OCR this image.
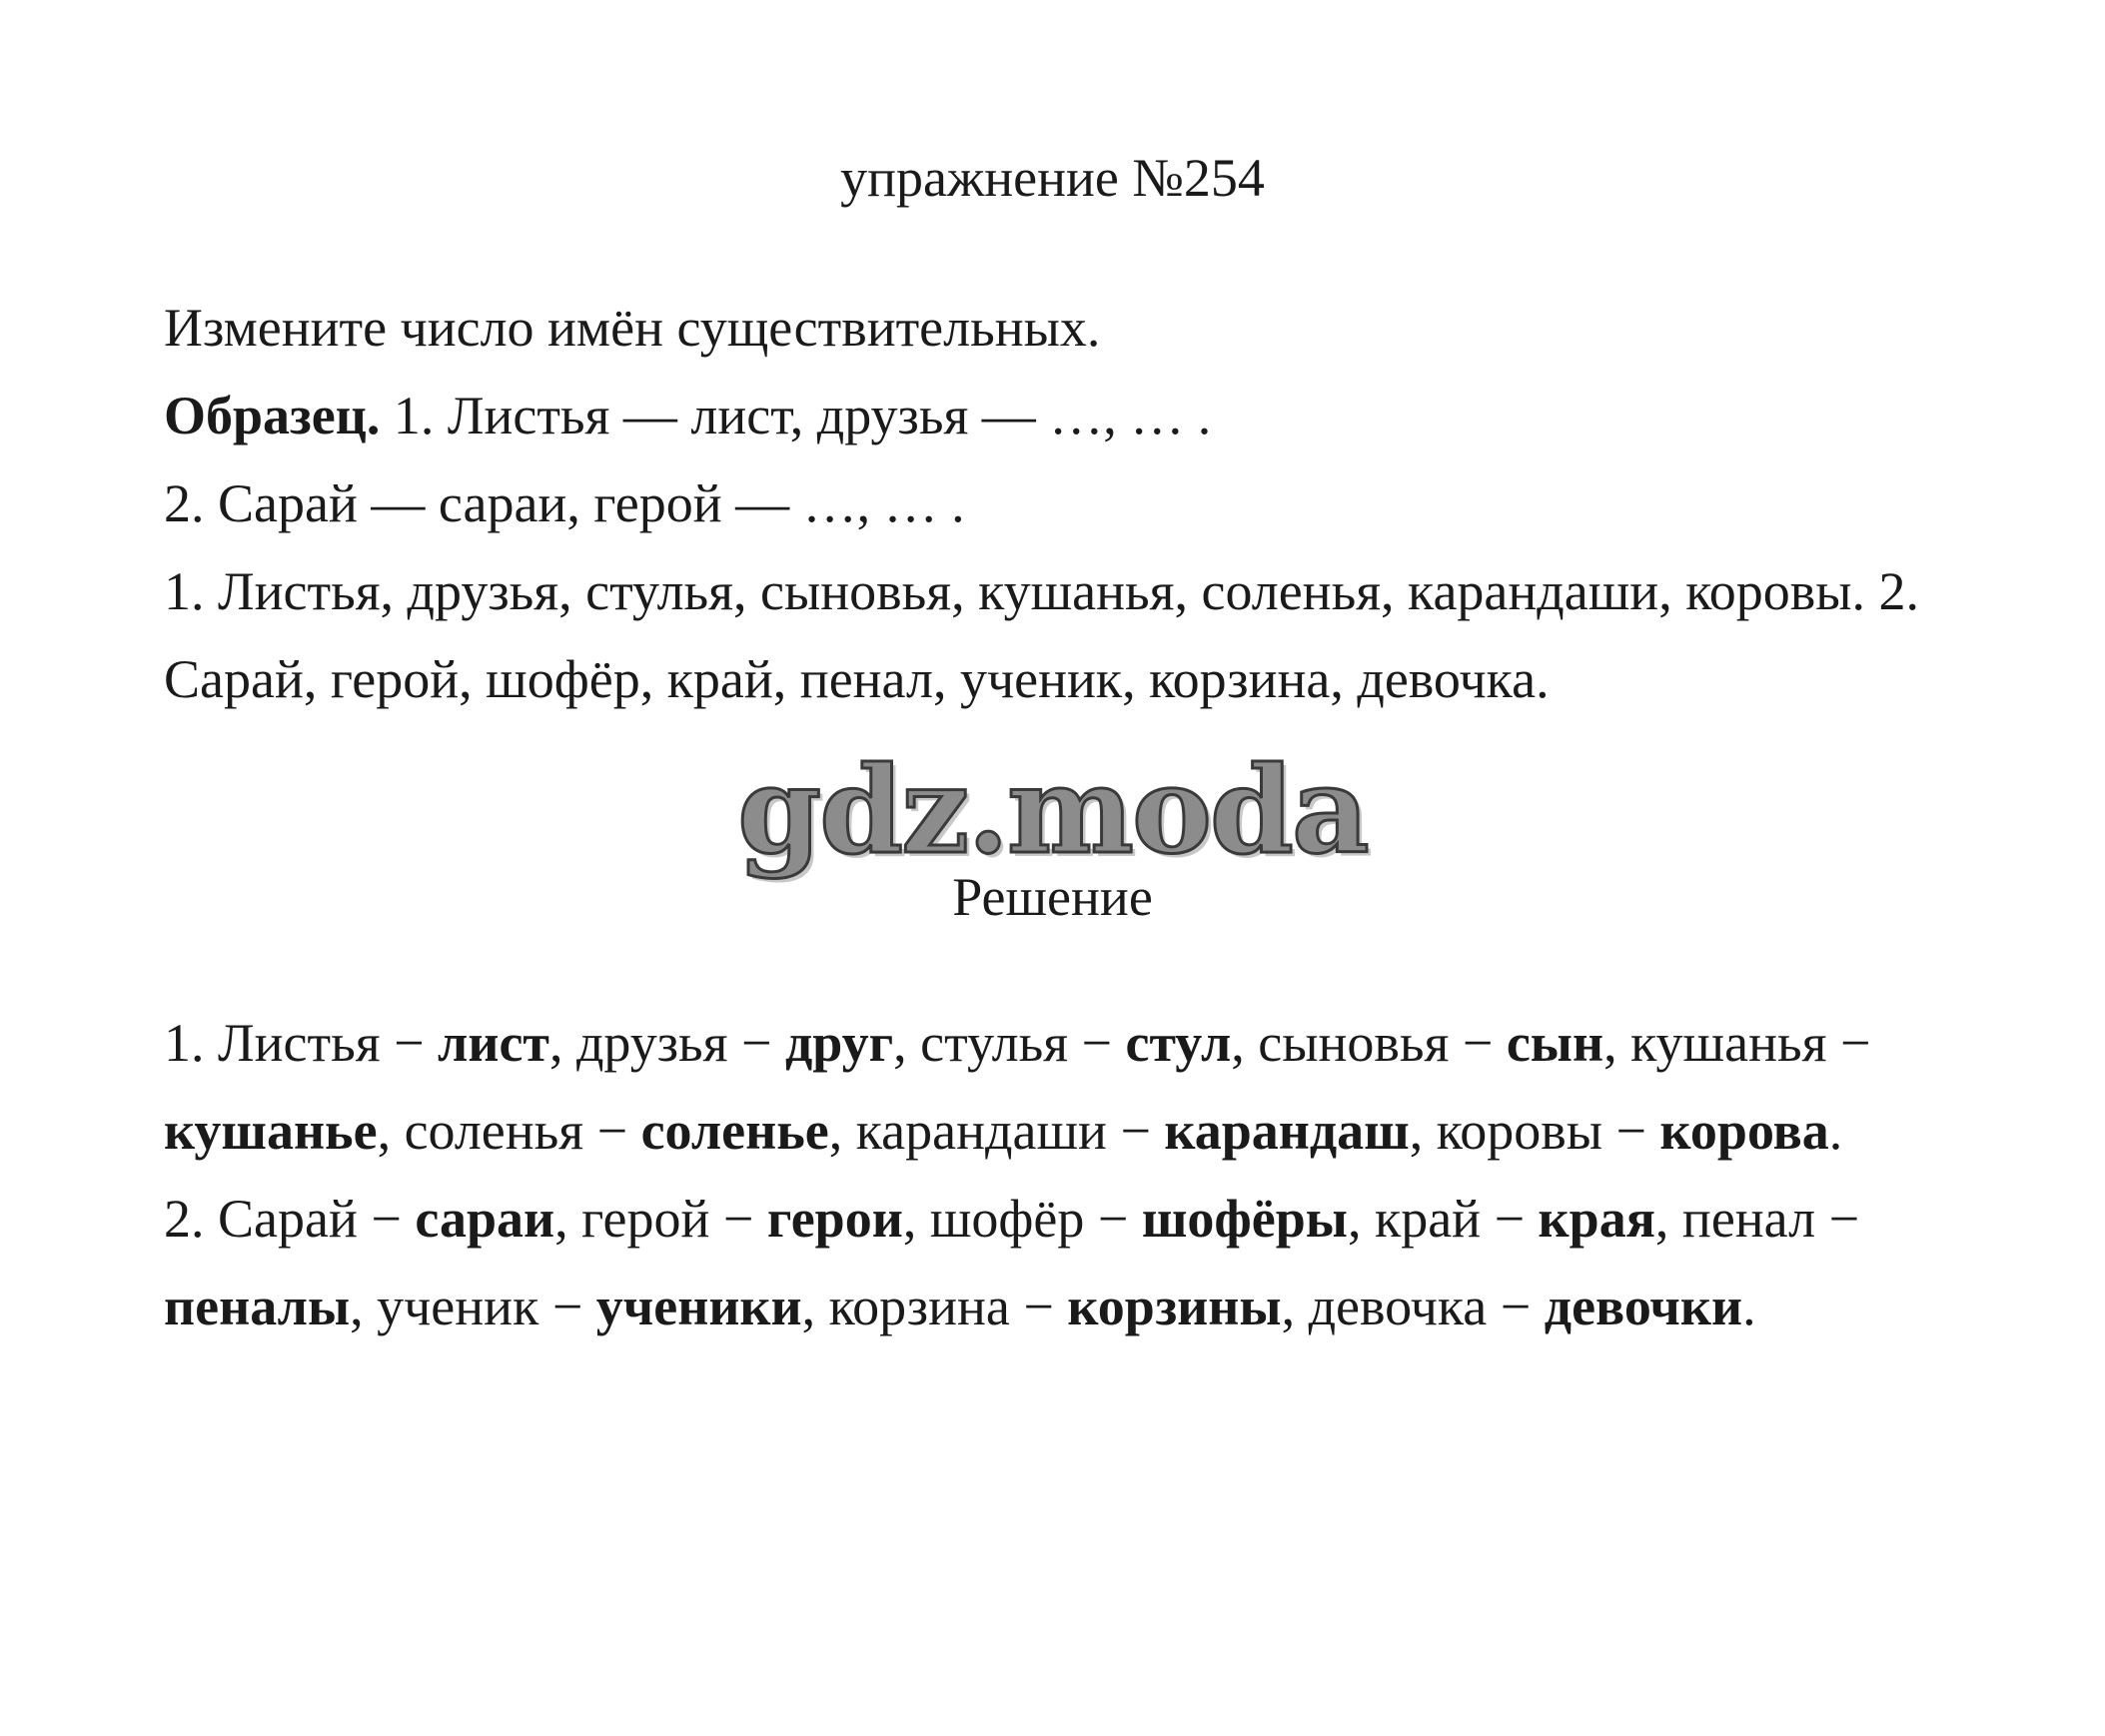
упражнение №254

Измените число имён существительных.

Образец. 1. Листья — лист, друзья — …, … .

2. Сарай — сараи, герой — …, … .

1. Листья, друзья, стулья, сыновья, кушанья, соленья, карандаши, коровы. 2. Сарай, герой, шофёр, край, пенал, ученик, корзина, девочка.

gdz.moda
Решение

1. Листья − лист, друзья − друг, стулья − стул, сыновья − сын, кушанья − кушанье, соленья − соленье, карандаши − карандаш, коровы − корова.

2. Сарай − сараи, герой − герои, шофёр − шофёры, край − края, пенал − пеналы, ученик − ученики, корзина − корзины, девочка − девочки.
